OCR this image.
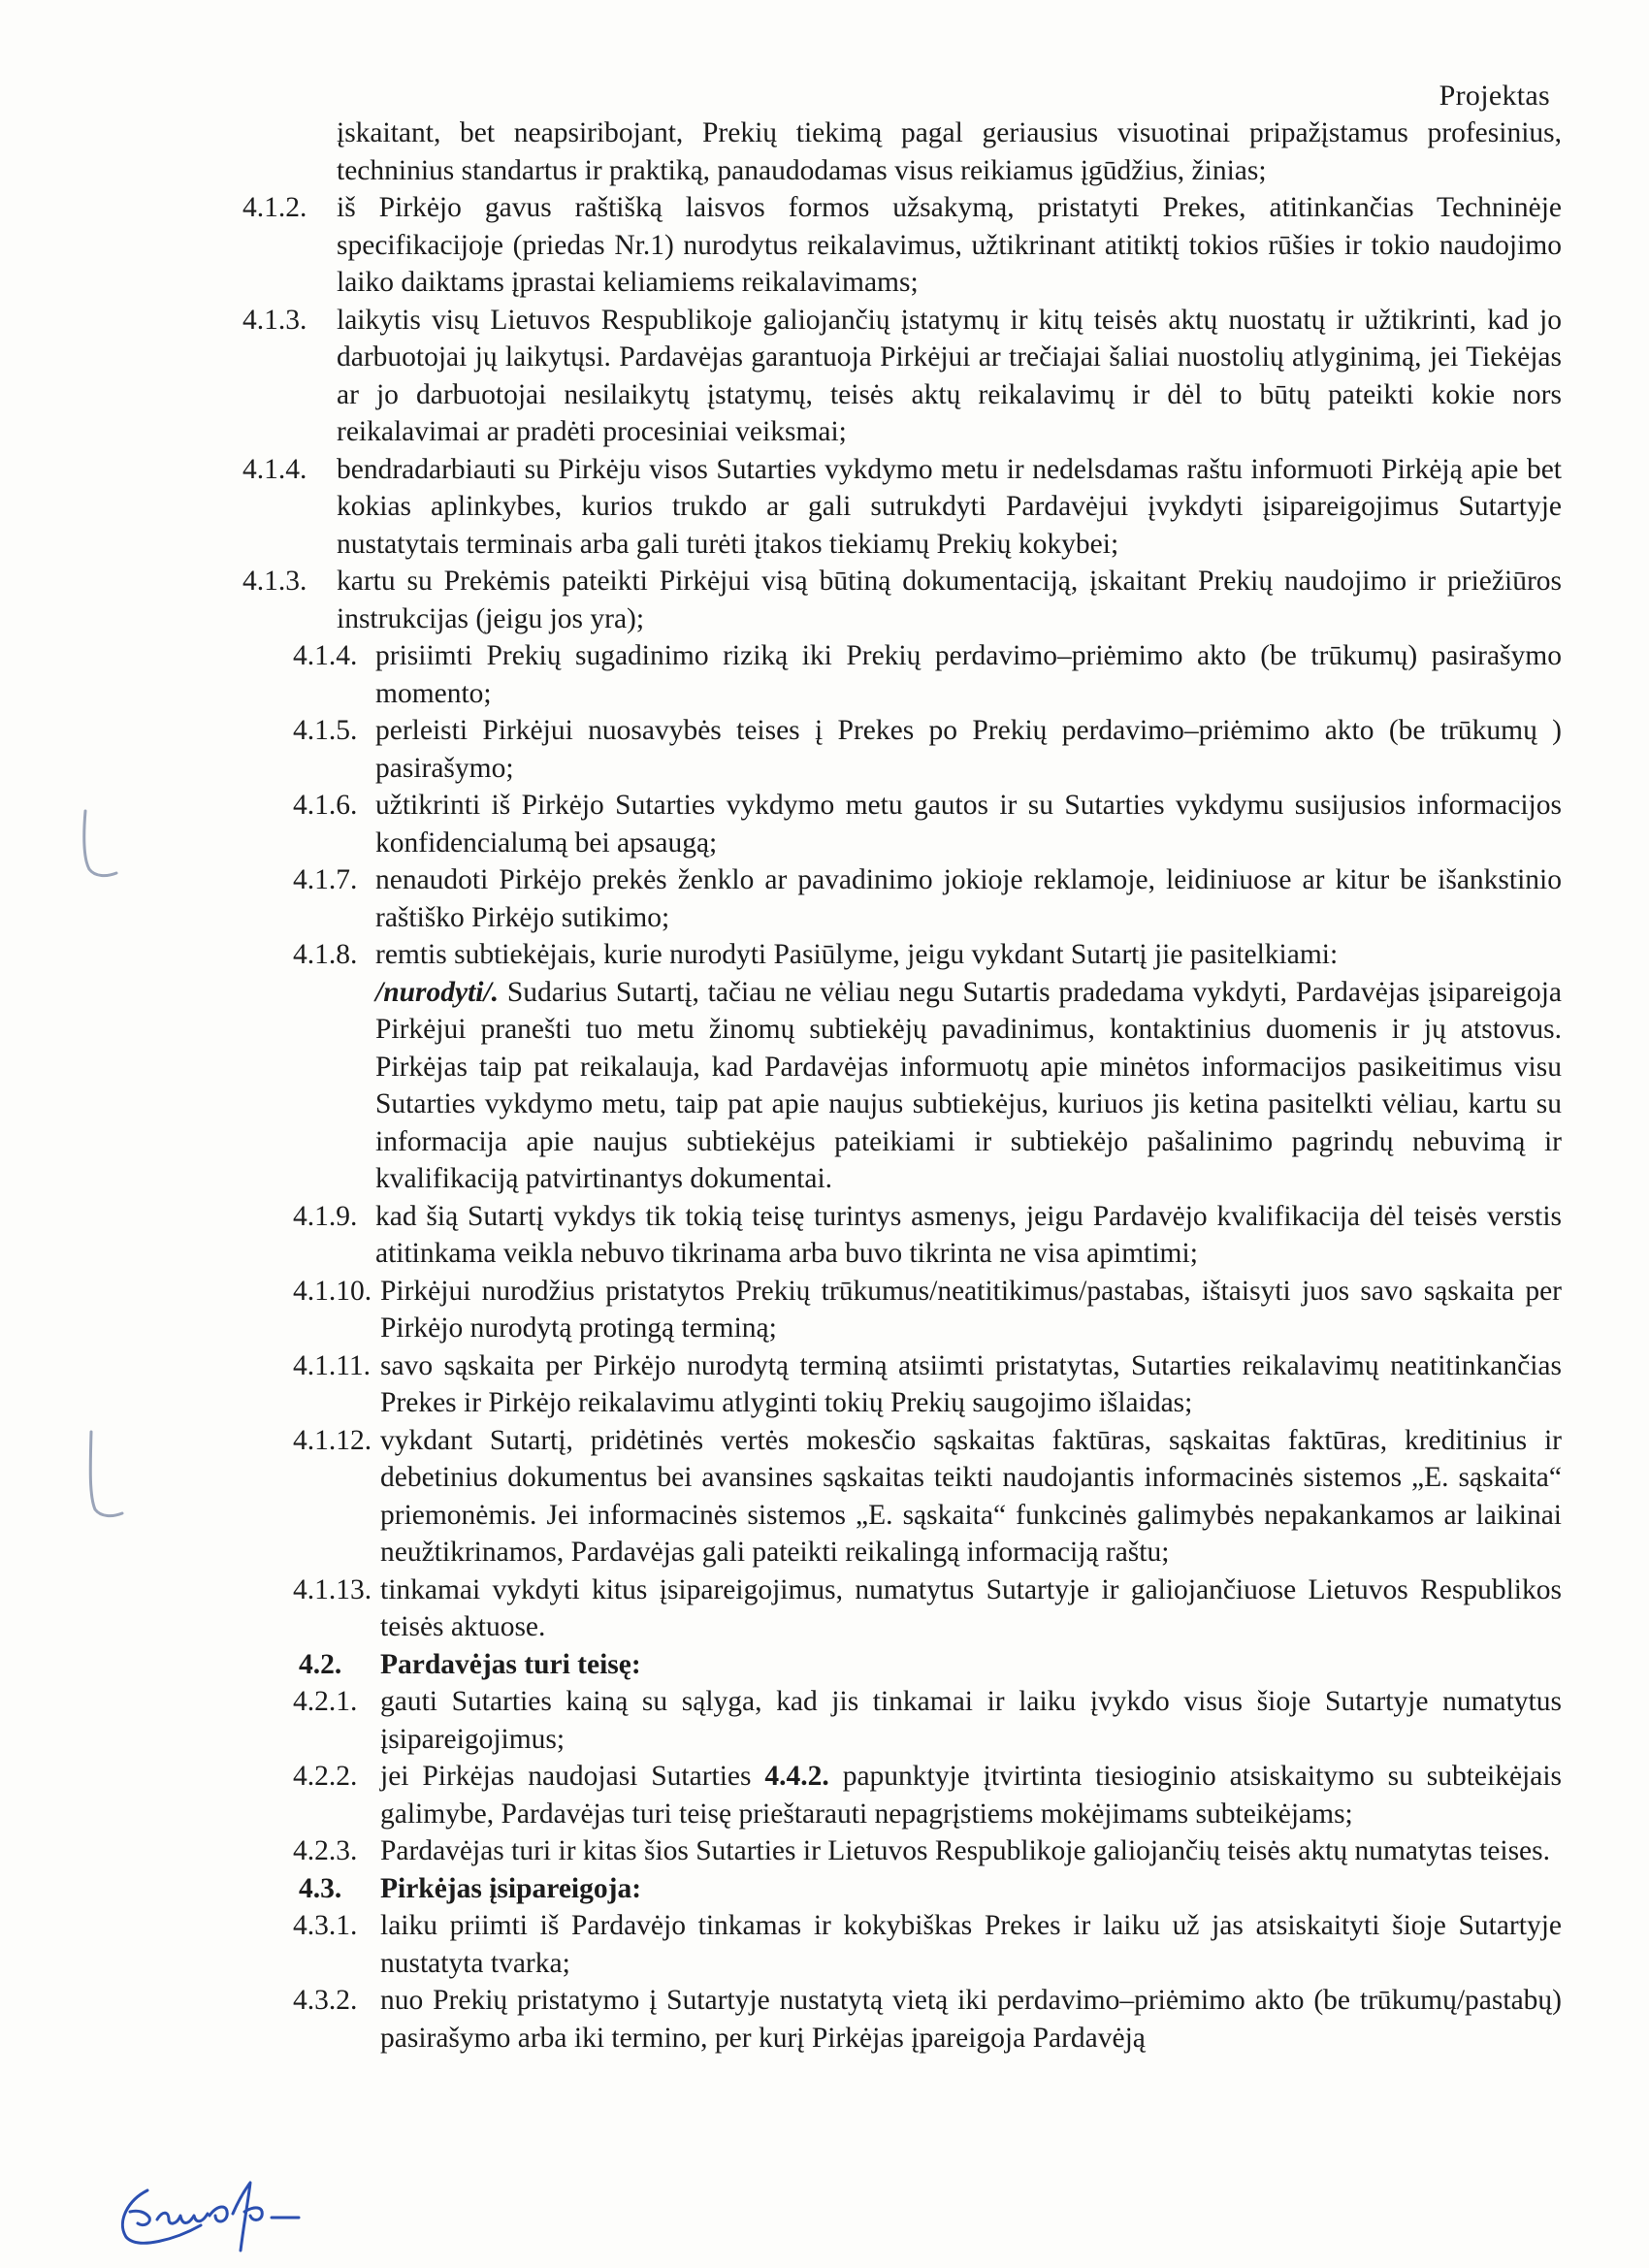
Projektas

įskaitant, bet neapsiribojant, Prekių tiekimą pagal geriausius visuotinai pripažįstamus profesinius, techninius standartus ir praktiką, panaudodamas visus reikiamus įgūdžius, žinias;

4.1.2. iš Pirkėjo gavus raštišką laisvos formos užsakymą, pristatyti Prekes, atitinkančias Techninėje specifikacijoje (priedas Nr.1) nurodytus reikalavimus, užtikrinant atitiktį tokios rūšies ir tokio naudojimo laiko daiktams įprastai keliamiems reikalavimams;

4.1.3. laikytis visų Lietuvos Respublikoje galiojančių įstatymų ir kitų teisės aktų nuostatų ir užtikrinti, kad jo darbuotojai jų laikytųsi. Pardavėjas garantuoja Pirkėjui ar trečiajai šaliai nuostolių atlyginimą, jei Tiekėjas ar jo darbuotojai nesilaikytų įstatymų, teisės aktų reikalavimų ir dėl to būtų pateikti kokie nors reikalavimai ar pradėti procesiniai veiksmai;

4.1.4. bendradarbiauti su Pirkėju visos Sutarties vykdymo metu ir nedelsdamas raštu informuoti Pirkėją apie bet kokias aplinkybes, kurios trukdo ar gali sutrukdyti Pardavėjui įvykdyti įsipareigojimus Sutartyje nustatytais terminais arba gali turėti įtakos tiekiamų Prekių kokybei;

4.1.3. kartu su Prekėmis pateikti Pirkėjui visą būtiną dokumentaciją, įskaitant Prekių naudojimo ir priežiūros instrukcijas (jeigu jos yra);

4.1.4. prisiimti Prekių sugadinimo riziką iki Prekių perdavimo–priėmimo akto (be trūkumų) pasirašymo momento;

4.1.5. perleisti Pirkėjui nuosavybės teises į Prekes po Prekių perdavimo–priėmimo akto (be trūkumų ) pasirašymo;

4.1.6. užtikrinti iš Pirkėjo Sutarties vykdymo metu gautos ir su Sutarties vykdymu susijusios informacijos konfidencialumą bei apsaugą;

4.1.7. nenaudoti Pirkėjo prekės ženklo ar pavadinimo jokioje reklamoje, leidiniuose ar kitur be išankstinio raštiško Pirkėjo sutikimo;

4.1.8. remtis subtiekėjais, kurie nurodyti Pasiūlyme, jeigu vykdant Sutartį jie pasitelkiami:
/nurodyti/. Sudarius Sutartį, tačiau ne vėliau negu Sutartis pradedama vykdyti, Pardavėjas įsipareigoja Pirkėjui pranešti tuo metu žinomų subtiekėjų pavadinimus, kontaktinius duomenis ir jų atstovus. Pirkėjas taip pat reikalauja, kad Pardavėjas informuotų apie minėtos informacijos pasikeitimus visu Sutarties vykdymo metu, taip pat apie naujus subtiekėjus, kuriuos jis ketina pasitelkti vėliau, kartu su informacija apie naujus subtiekėjus pateikiami ir subtiekėjo pašalinimo pagrindų nebuvimą ir kvalifikaciją patvirtinantys dokumentai.

4.1.9. kad šią Sutartį vykdys tik tokią teisę turintys asmenys, jeigu Pardavėjo kvalifikacija dėl teisės verstis atitinkama veikla nebuvo tikrinama arba buvo tikrinta ne visa apimtimi;

4.1.10. Pirkėjui nurodžius pristatytos Prekių trūkumus/neatitikimus/pastabas, ištaisyti juos savo sąskaita per Pirkėjo nurodytą protingą terminą;

4.1.11. savo sąskaita per Pirkėjo nurodytą terminą atsiimti pristatytas, Sutarties reikalavimų neatitinkančias Prekes ir Pirkėjo reikalavimu atlyginti tokių Prekių saugojimo išlaidas;

4.1.12. vykdant Sutartį, pridėtinės vertės mokesčio sąskaitas faktūras, sąskaitas faktūras, kreditinius ir debetinius dokumentus bei avansines sąskaitas teikti naudojantis informacinės sistemos „E. sąskaita“ priemonėmis. Jei informacinės sistemos „E. sąskaita“ funkcinės galimybės nepakankamos ar laikinai neužtikrinamos, Pardavėjas gali pateikti reikalingą informaciją raštu;

4.1.13. tinkamai vykdyti kitus įsipareigojimus, numatytus Sutartyje ir galiojančiuose Lietuvos Respublikos teisės aktuose.

4.2. Pardavėjas turi teisę:

4.2.1. gauti Sutarties kainą su sąlyga, kad jis tinkamai ir laiku įvykdo visus šioje Sutartyje numatytus įsipareigojimus;

4.2.2. jei Pirkėjas naudojasi Sutarties 4.4.2. papunktyje įtvirtinta tiesioginio atsiskaitymo su subteikėjais galimybe, Pardavėjas turi teisę prieštarauti nepagrįstiems mokėjimams subteikėjams;

4.2.3. Pardavėjas turi ir kitas šios Sutarties ir Lietuvos Respublikoje galiojančių teisės aktų numatytas teises.

4.3. Pirkėjas įsipareigoja:

4.3.1. laiku priimti iš Pardavėjo tinkamas ir kokybiškas Prekes ir laiku už jas atsiskaityti šioje Sutartyje nustatyta tvarka;

4.3.2. nuo Prekių pristatymo į Sutartyje nustatytą vietą iki perdavimo–priėmimo akto (be trūkumų/pastabų) pasirašymo arba iki termino, per kurį Pirkėjas įpareigoja Pardavėją
